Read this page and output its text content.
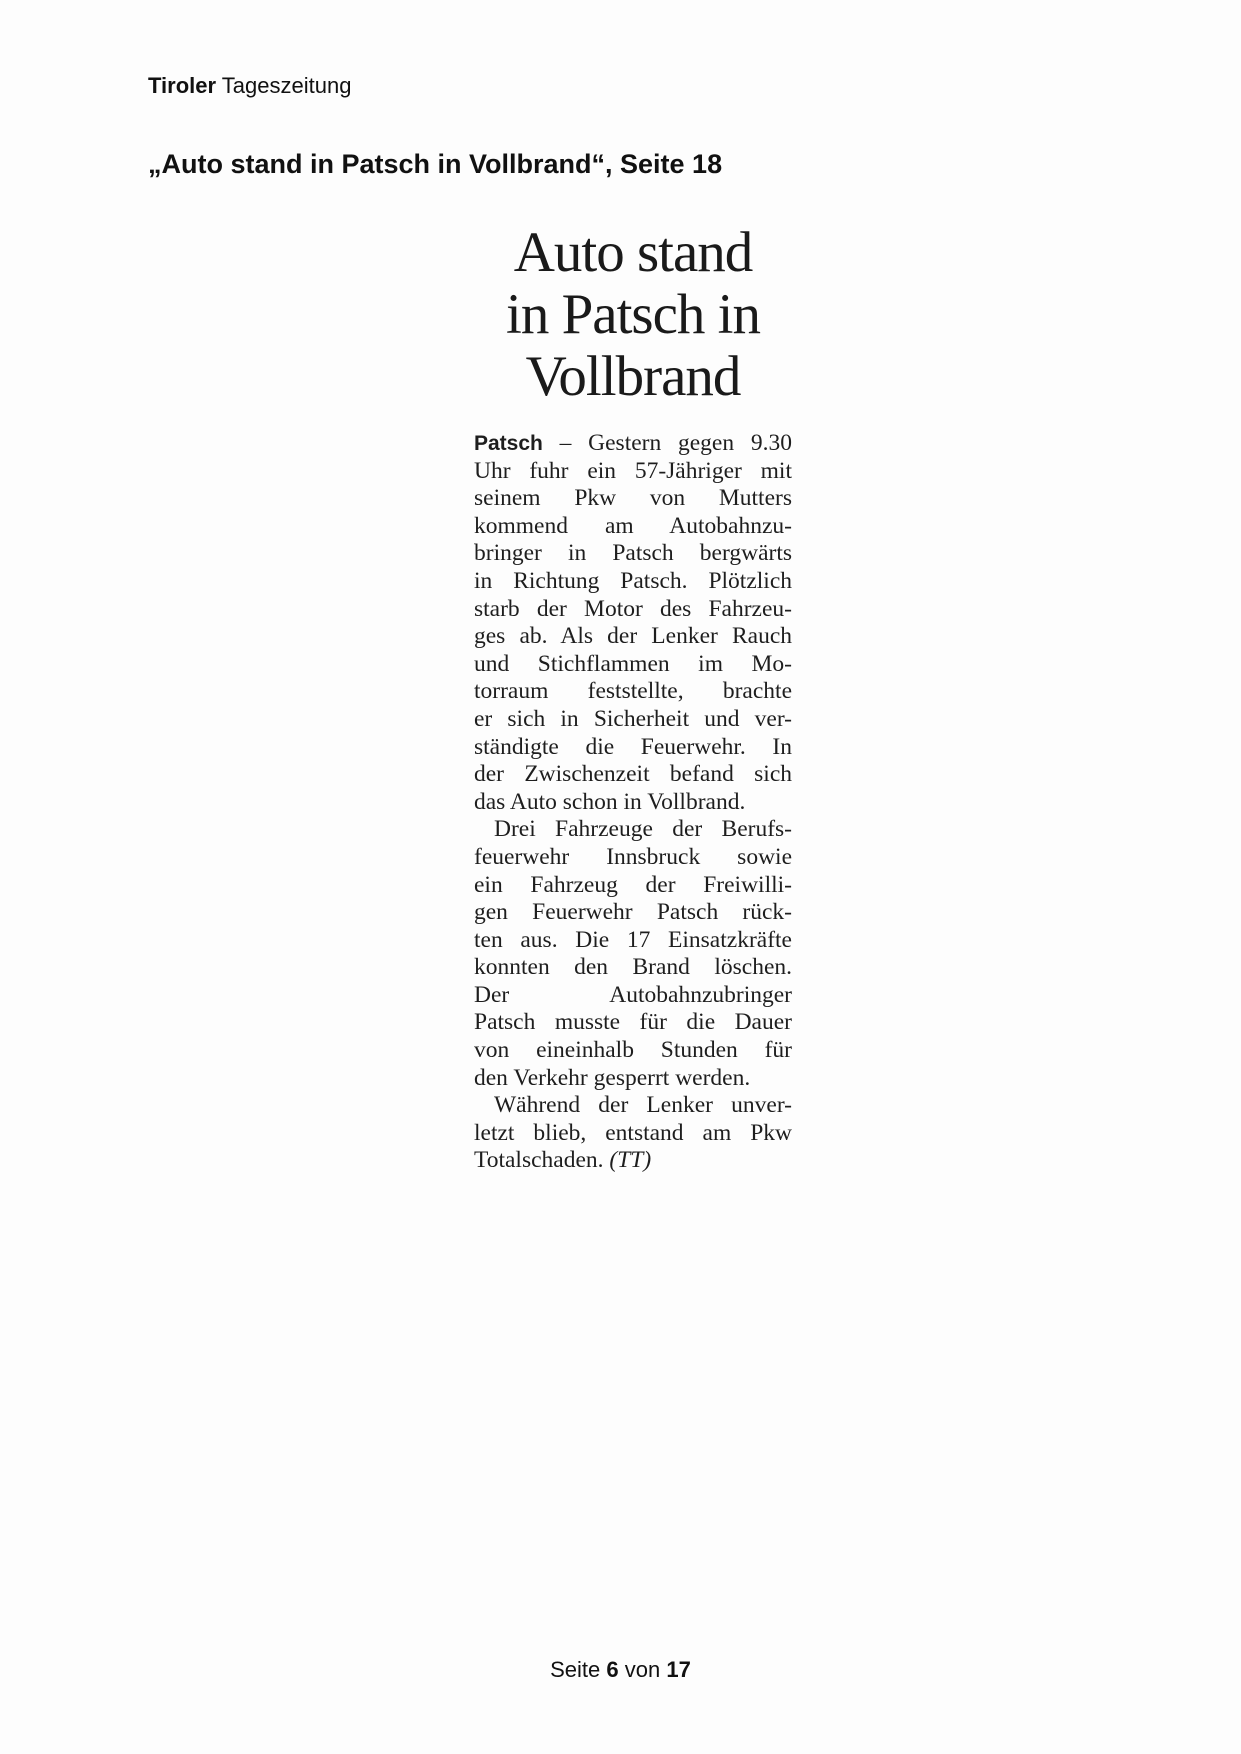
Tiroler Tageszeitung
„Auto stand in Patsch in Vollbrand“, Seite 18
Auto stand
in Patsch in
Vollbrand
Patsch – Gestern gegen 9.30
Uhr fuhr ein 57-Jähriger mit
seinem Pkw von Mutters
kommend am Autobahnzu-
bringer in Patsch bergwärts
in Richtung Patsch. Plötzlich
starb der Motor des Fahrzeu-
ges ab. Als der Lenker Rauch
und Stichflammen im Mo-
torraum feststellte, brachte
er sich in Sicherheit und ver-
ständigte die Feuerwehr. In
der Zwischenzeit befand sich
das Auto schon in Vollbrand.
Drei Fahrzeuge der Berufs-
feuerwehr Innsbruck sowie
ein Fahrzeug der Freiwilli-
gen Feuerwehr Patsch rück-
ten aus. Die 17 Einsatzkräfte
konnten den Brand löschen.
Der Autobahnzubringer
Patsch musste für die Dauer
von eineinhalb Stunden für
den Verkehr gesperrt werden.
Während der Lenker unver-
letzt blieb, entstand am Pkw
Totalschaden. (TT)
Seite 6 von 17
